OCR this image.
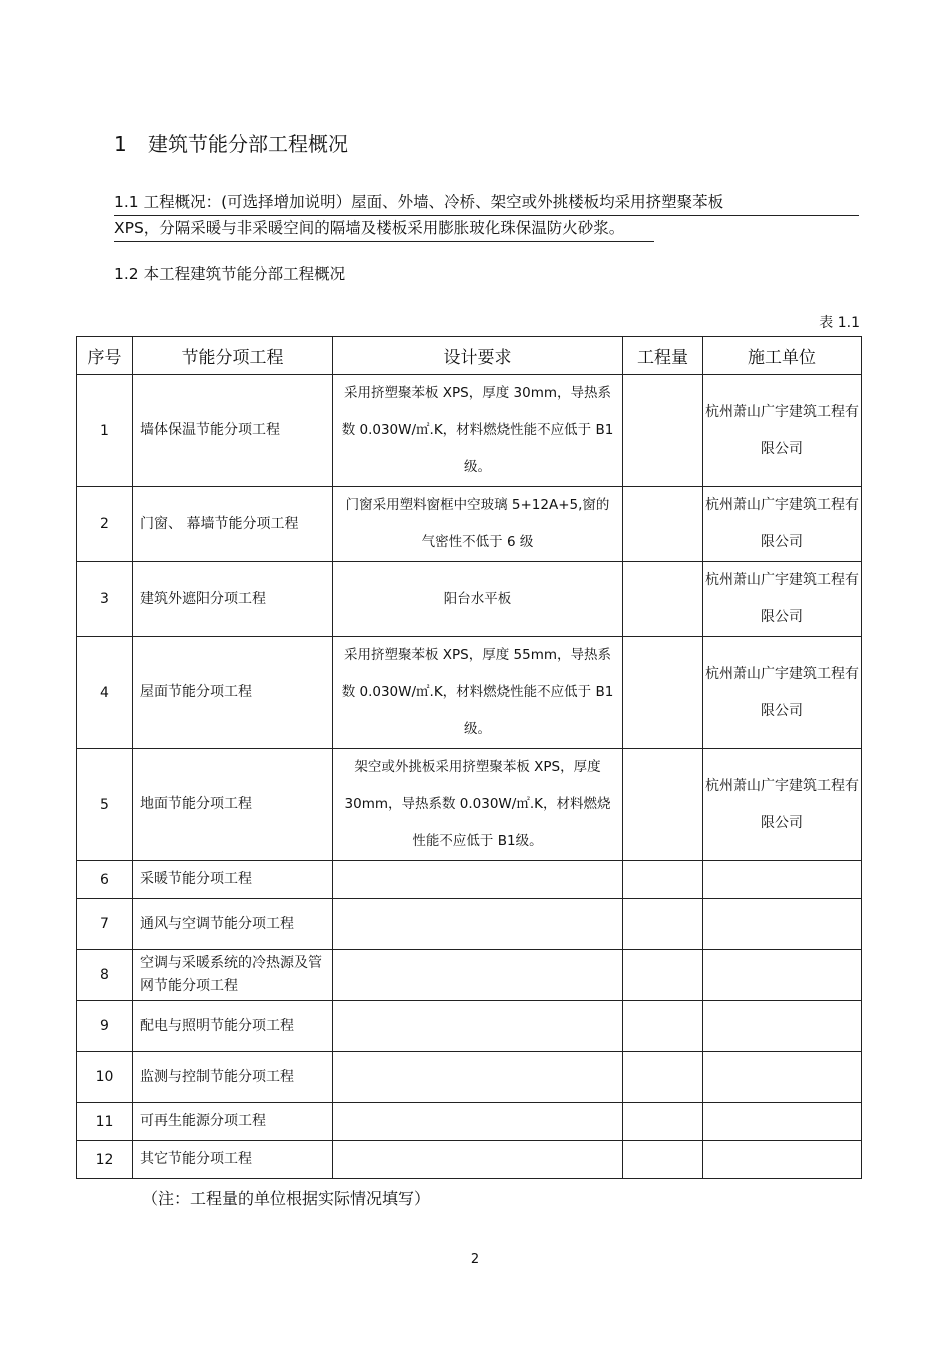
1 建筑节能分部工程概况
1.1 工程概况：(可选择增加说明）屋面、外墙、冷桥、架空或外挑楼板均采用挤塑聚苯板
XPS，分隔采暖与非采暖空间的隔墙及楼板采用膨胀玻化珠保温防火砂浆。
1.2 本工程建筑节能分部工程概况
表 1.1
序号	节能分项工程	设计要求	工程量	施工单位
1	墙体保温节能分项工程	采用挤塑聚苯板 XPS，厚度 30mm，导热系数 0.030W/㎡.K，材料燃烧性能不应低于 B1级。		杭州萧山广宇建筑工程有限公司
2	门窗、 幕墙节能分项工程	门窗采用塑料窗框中空玻璃 5+12A+5,窗的气密性不低于 6 级		杭州萧山广宇建筑工程有限公司
3	建筑外遮阳分项工程	阳台水平板		杭州萧山广宇建筑工程有限公司
4	屋面节能分项工程	采用挤塑聚苯板 XPS，厚度 55mm，导热系数 0.030W/㎡.K，材料燃烧性能不应低于 B1级。		杭州萧山广宇建筑工程有限公司
5	地面节能分项工程	架空或外挑板采用挤塑聚苯板 XPS，厚度 30mm，导热系数 0.030W/㎡.K，材料燃烧性能不应低于 B1级。		杭州萧山广宇建筑工程有限公司
6	采暖节能分项工程			
7	通风与空调节能分项工程			
8	空调与采暖系统的冷热源及管网节能分项工程			
9	配电与照明节能分项工程			
10	监测与控制节能分项工程			
11	可再生能源分项工程			
12	其它节能分项工程			
（注：工程量的单位根据实际情况填写）
2
